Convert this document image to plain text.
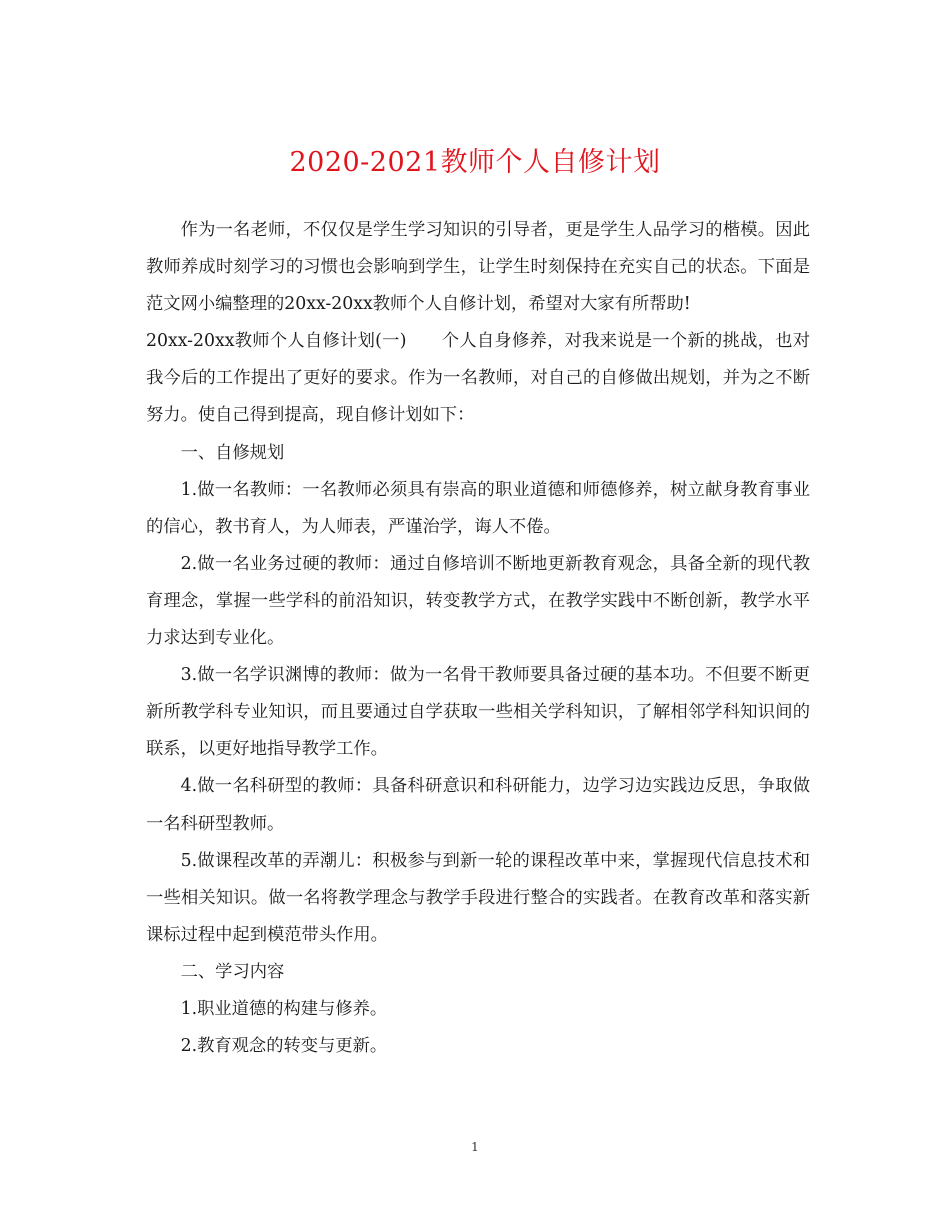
2020-2021教师个人自修计划

作为一名老师，不仅仅是学生学习知识的引导者，更是学生人品学习的楷模。因此教师养成时刻学习的习惯也会影响到学生，让学生时刻保持在充实自己的状态。下面是范文网小编整理的20xx-20xx教师个人自修计划，希望对大家有所帮助!

20xx-20xx教师个人自修计划(一)　　个人自身修养，对我来说是一个新的挑战，也对我今后的工作提出了更好的要求。作为一名教师，对自己的自修做出规划，并为之不断努力。使自己得到提高，现自修计划如下：

一、自修规划

1.做一名教师：一名教师必须具有崇高的职业道德和师德修养，树立献身教育事业的信心，教书育人，为人师表，严谨治学，诲人不倦。

2.做一名业务过硬的教师：通过自修培训不断地更新教育观念，具备全新的现代教育理念，掌握一些学科的前沿知识，转变教学方式，在教学实践中不断创新，教学水平力求达到专业化。

3.做一名学识渊博的教师：做为一名骨干教师要具备过硬的基本功。不但要不断更新所教学科专业知识，而且要通过自学获取一些相关学科知识，了解相邻学科知识间的联系，以更好地指导教学工作。

4.做一名科研型的教师：具备科研意识和科研能力，边学习边实践边反思，争取做一名科研型教师。

5.做课程改革的弄潮儿：积极参与到新一轮的课程改革中来，掌握现代信息技术和一些相关知识。做一名将教学理念与教学手段进行整合的实践者。在教育改革和落实新课标过程中起到模范带头作用。

二、学习内容

1.职业道德的构建与修养。

2.教育观念的转变与更新。

1
